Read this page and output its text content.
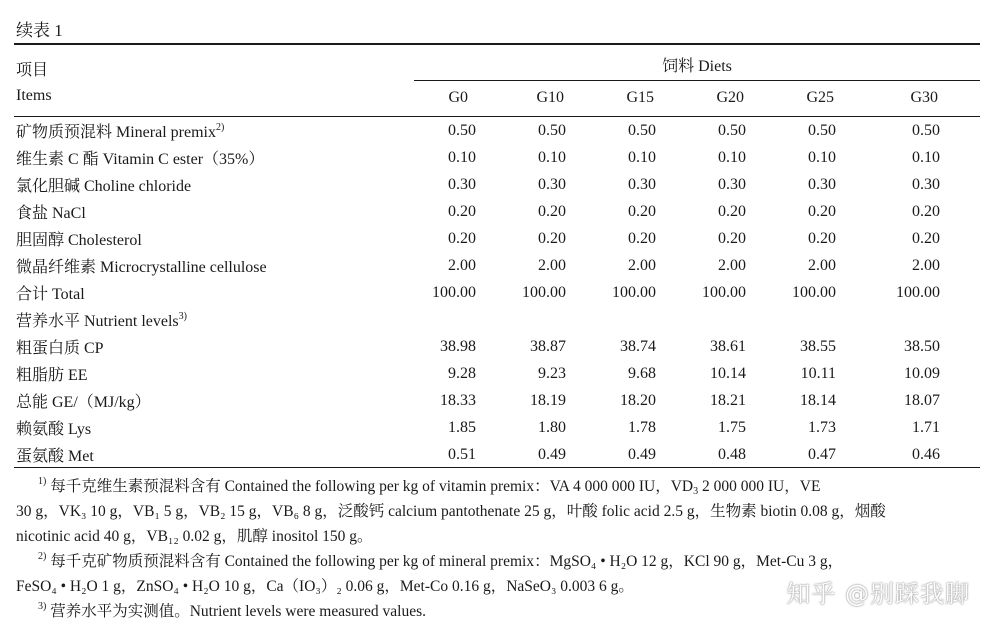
续表 1
项目
Items
饲料 Diets
G0	G10	G15	G20	G25	G30
矿物质预混料 Mineral premix$^{2)}$	0.50	0.50	0.50	0.50	0.50	0.50	
维生素 C 酯 Vitamin C ester（35%）	0.10	0.10	0.10	0.10	0.10	0.10	
氯化胆碱 Choline chloride	0.30	0.30	0.30	0.30	0.30	0.30	
食盐 NaCl	0.20	0.20	0.20	0.20	0.20	0.20	
胆固醇 Cholesterol	0.20	0.20	0.20	0.20	0.20	0.20	
微晶纤维素 Microcrystalline cellulose	2.00	2.00	2.00	2.00	2.00	2.00	
合计 Total	100.00	100.00	100.00	100.00	100.00	100.00	
营养水平 Nutrient levels$^{3)}$							
粗蛋白质 CP	38.98	38.87	38.74	38.61	38.55	38.50	
粗脂肪 EE	9.28	9.23	9.68	10.14	10.11	10.09	
总能 GE/（MJ/kg）	18.33	18.19	18.20	18.21	18.14	18.07	
赖氨酸 Lys	1.85	1.80	1.78	1.75	1.73	1.71	
蛋氨酸 Met	0.51	0.49	0.49	0.48	0.47	0.46	

$^{1)}$ 每千克维生素预混料含有 Contained the following per kg of vitamin premix：VA 4 000 000 IU，$VD_3$ 2 000 000 IU，VE

30 g，VK₃ 10 g，VB₁ 5 g，VB₂ 15 g，VB₆ 8 g，泛酸钙 calcium pantothenate 25 g，叶酸 folic acid 2.5 g，生物素 biotin 0.08 g，烟酸

nicotinic acid 40 g，VB₁₂ 0.02 g，肌醇 inositol 150 g。

$^{2)}$ 每千克矿物质预混料含有 Contained the following per kg of mineral premix：MgSO₄ • H₂O 12 g，KCl 90 g，Met-Cu 3 g，

FeSO₄ • H₂O 1 g，ZnSO₄ • H₂O 10 g，Ca（IO₃）₂ 0.06 g，Met-Co 0.16 g，NaSeO₃ 0.003 6 g。

$^{3)}$ 营养水平为实测值。Nutrient levels were measured values.

知乎 @别踩我脚
